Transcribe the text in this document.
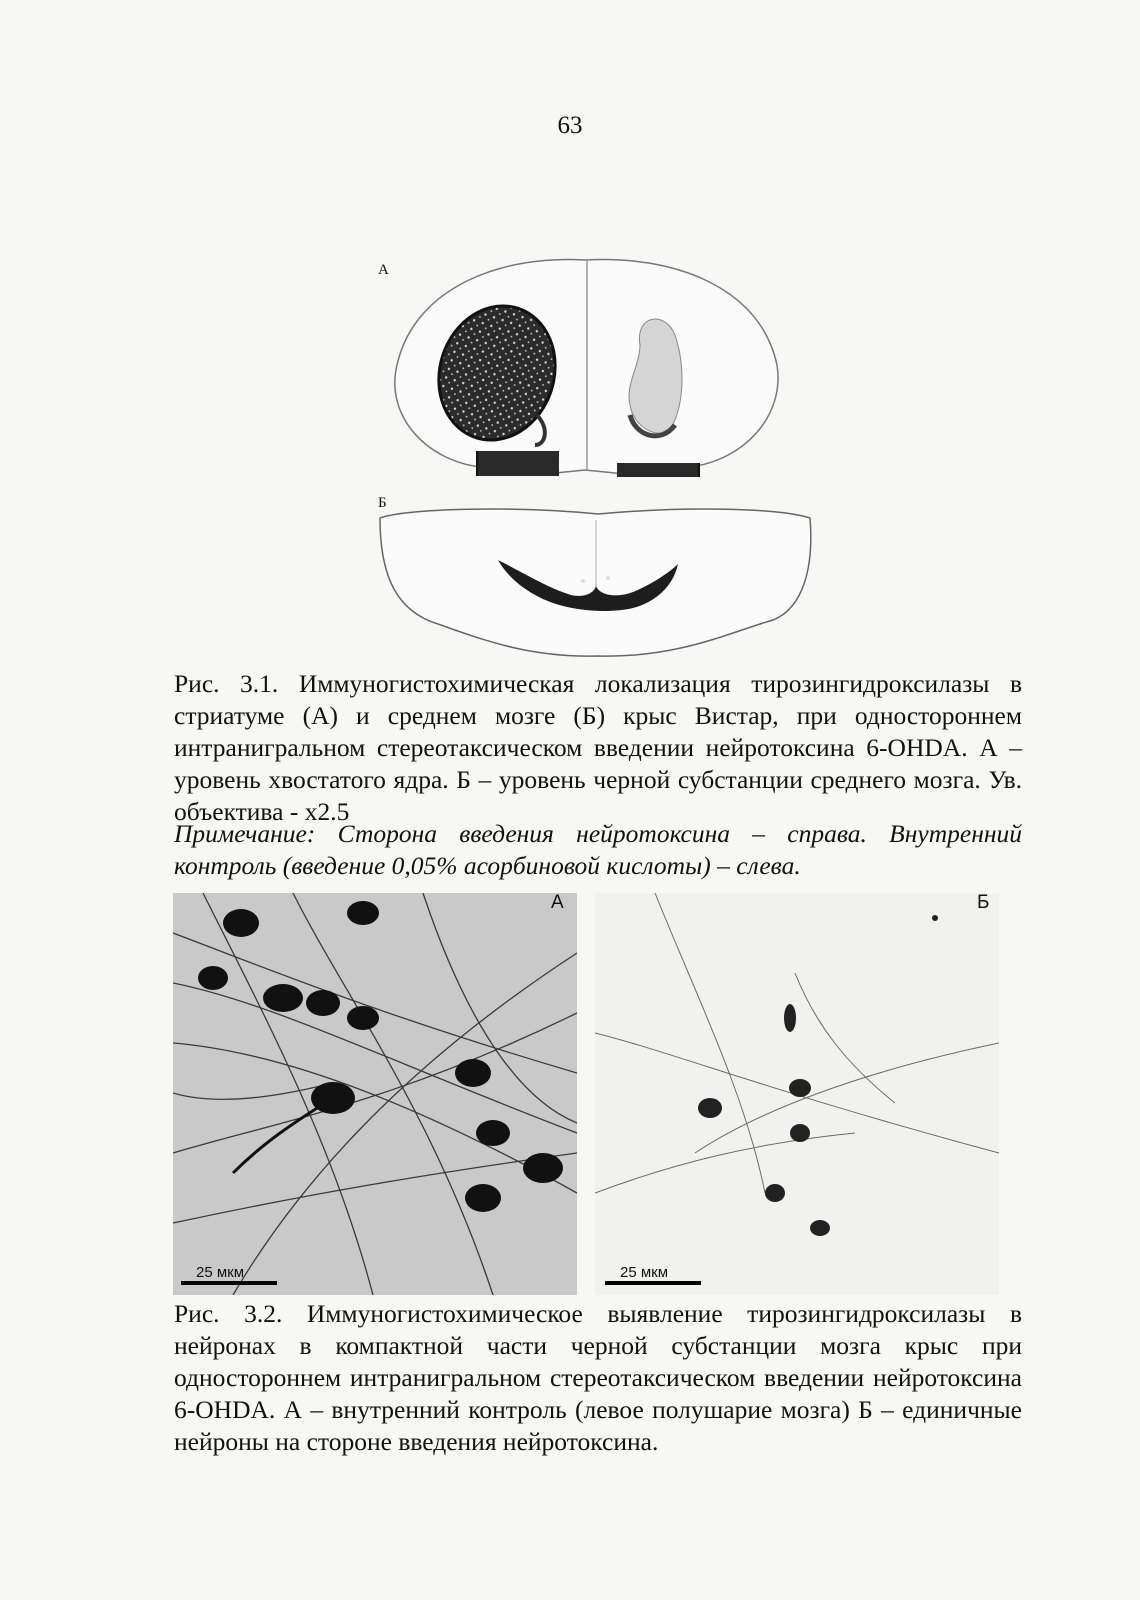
63
А
Б

Рис. 3.1. Иммуногистохимическая локализация тирозингидроксилазы в стриатуме (А) и среднем мозге (Б) крыс Вистар, при одностороннем интранигральном стереотаксическом введении нейротоксина 6-OHDA. А – уровень хвостатого ядра. Б – уровень черной субстанции среднего мозга. Ув. объектива - х2.5

Примечание: Сторона введения нейротоксина – справа. Внутренний контроль (введение 0,05% асорбиновой кислоты) – слева.

А
25 мкм
Б
25 мкм

Рис. 3.2. Иммуногистохимическое выявление тирозингидроксилазы в нейронах в компактной части черной субстанции мозга крыс при одностороннем интранигральном стереотаксическом введении нейротоксина 6-OHDA. А – внутренний контроль (левое полушарие мозга) Б – единичные нейроны на стороне введения нейротоксина.
